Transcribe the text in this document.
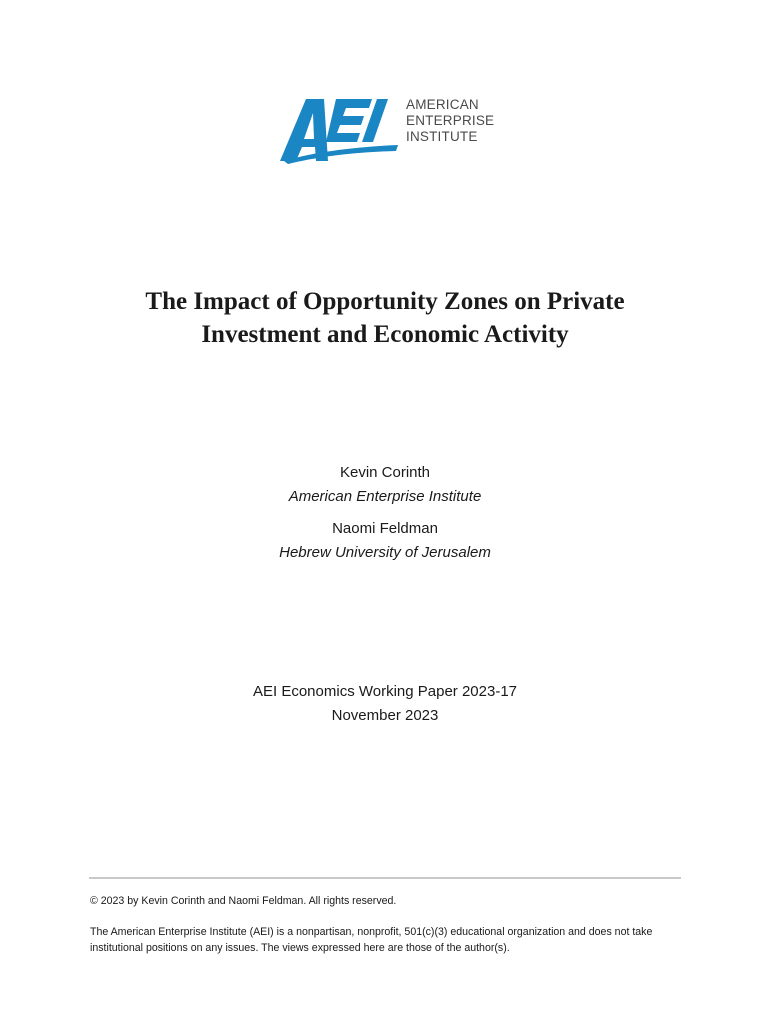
AEI
AMERICAN
ENTERPRISE
INSTITUTE
The Impact of Opportunity Zones on Private
Investment and Economic Activity
Kevin Corinth
American Enterprise Institute
Naomi Feldman
Hebrew University of Jerusalem
AEI Economics Working Paper 2023-17
November 2023
© 2023 by Kevin Corinth and Naomi Feldman. All rights reserved.
The American Enterprise Institute (AEI) is a nonpartisan, nonprofit, 501(c)(3) educational organization and does not take institutional positions on any issues. The views expressed here are those of the author(s).
